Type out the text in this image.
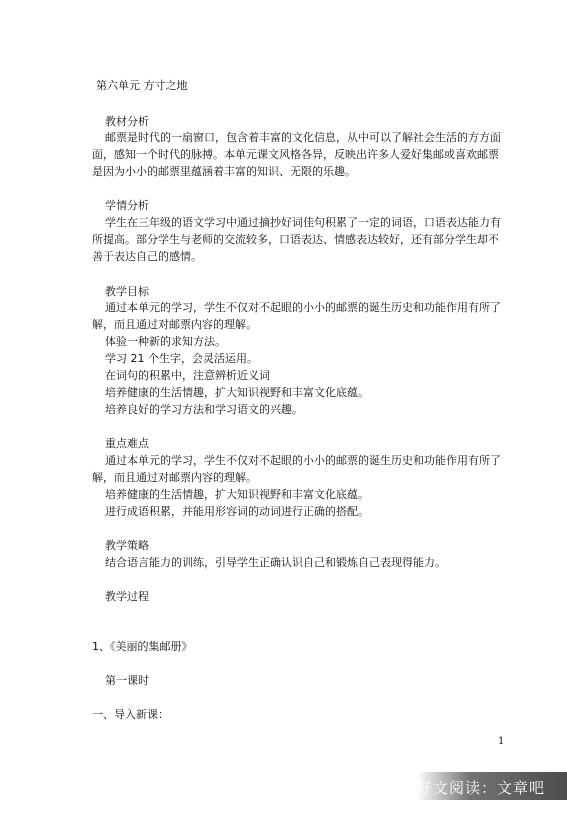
第六单元 方寸之地
教材分析
邮票是时代的一扇窗口，包含着丰富的文化信息，从中可以了解社会生活的方方面
面，感知一个时代的脉搏。本单元课文风格各异，反映出许多人爱好集邮或喜欢邮票
是因为小小的邮票里蕴涵着丰富的知识、无限的乐趣。
学情分析
学生在三年级的语文学习中通过摘抄好词佳句积累了一定的词语，口语表达能力有
所提高。部分学生与老师的交流较多，口语表达、情感表达较好，还有部分学生却不
善于表达自己的感情。
教学目标
通过本单元的学习，学生不仅对不起眼的小小的邮票的诞生历史和功能作用有所了
解，而且通过对邮票内容的理解。
体验一种新的求知方法。
学习 21 个生字，会灵活运用。
在词句的积累中，注意辨析近义词
培养健康的生活情趣，扩大知识视野和丰富文化底蕴。
培养良好的学习方法和学习语文的兴趣。
重点难点
通过本单元的学习，学生不仅对不起眼的小小的邮票的诞生历史和功能作用有所了
解，而且通过对邮票内容的理解。
培养健康的生活情趣，扩大知识视野和丰富文化底蕴。
进行成语积累，并能用形容词的动词进行正确的搭配。
教学策略
结合语言能力的训练，引导学生正确认识自己和锻炼自己表现得能力。
教学过程
1、《美丽的集邮册》
第一课时
一、导入新课：
1
好文阅读：文章吧网
